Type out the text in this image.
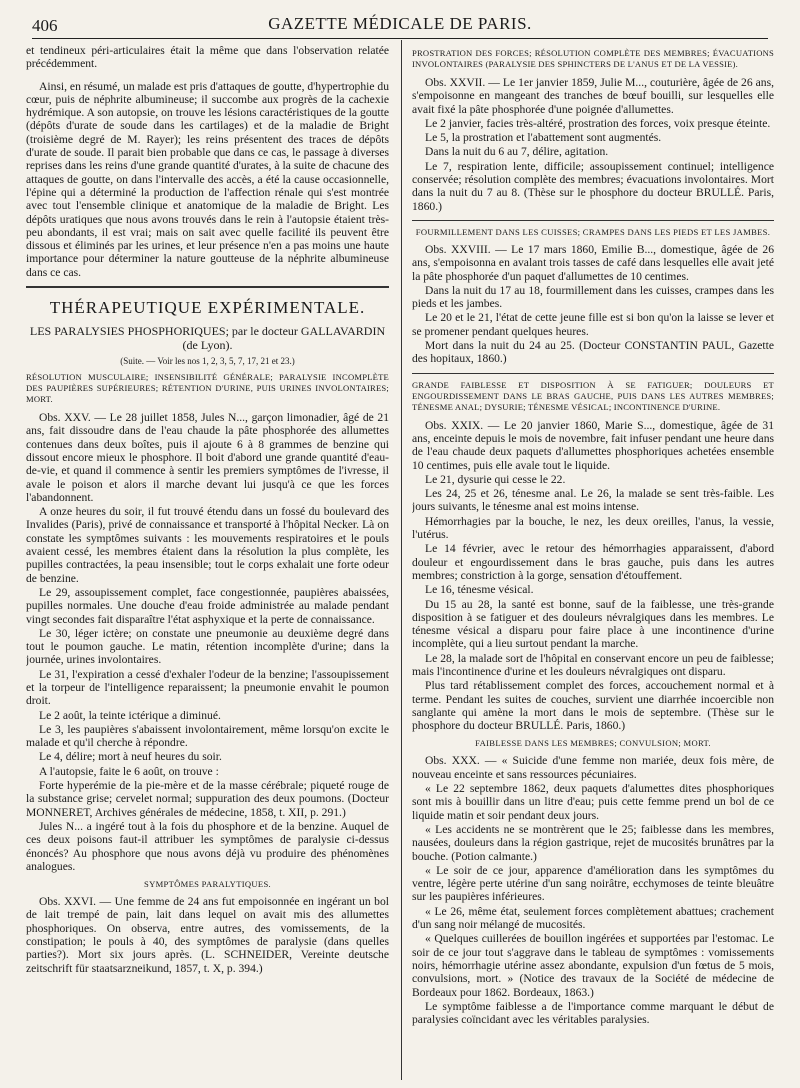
406	GAZETTE MÉDICALE DE PARIS.

et tendineux péri-articulaires était la même que dans l'observation relatée précédemment.

Ainsi, en résumé, un malade est pris d'attaques de goutte, d'hypertrophie du cœur, puis de néphrite albumineuse; il succombe aux progrès de la cachexie hydrémique. A son autopsie, on trouve les lésions caractéristiques de la goutte (dépôts d'urate de soude dans les cartilages) et de la maladie de Bright (troisième degré de M. Rayer); les reins présentent des traces de dépôts d'urate de soude. Il parait bien probable que dans ce cas, le passage à diverses reprises dans les reins d'une grande quantité d'urates, à la suite de chacune des attaques de goutte, on dans l'intervalle des accès, a été la cause occasionnelle, l'épine qui a déterminé la production de l'affection rénale qui s'est montrée avec tout l'ensemble clinique et anatomique de la maladie de Bright. Les dépôts uratiques que nous avons trouvés dans le rein à l'autopsie étaient très-peu abondants, il est vrai; mais on sait avec quelle facilité ils peuvent être dissous et éliminés par les urines, et leur présence n'en a pas moins une haute importance pour déterminer la nature goutteuse de la néphrite albumineuse dans ce cas.

THÉRAPEUTIQUE EXPÉRIMENTALE.
LES PARALYSIES PHOSPHORIQUES; par le docteur GALLAVARDIN (de Lyon).
(Suite. — Voir les nos 1, 2, 3, 5, 7, 17, 21 et 23.)
RÉSOLUTION MUSCULAIRE; INSENSIBILITÉ GÉNÉRALE; PARALYSIE INCOMPLÈTE DES PAUPIÈRES SUPÉRIEURES; RÉTENTION D'URINE, PUIS URINES INVOLONTAIRES; MORT.

Obs. XXV. — Le 28 juillet 1858, Jules N..., garçon limonadier, âgé de 21 ans, fait dissoudre dans de l'eau chaude la pâte phosphorée des allumettes contenues dans deux boîtes, puis il ajoute 6 à 8 grammes de benzine qui dissout encore mieux le phosphore. Il boit d'abord une grande quantité d'eau-de-vie, et quand il commence à sentir les premiers symptômes de l'ivresse, il avale le poison et alors il marche devant lui jusqu'à ce que les forces l'abandonnent.

A onze heures du soir, il fut trouvé étendu dans un fossé du boulevard des Invalides (Paris), privé de connaissance et transporté à l'hôpital Necker. Là on constate les symptômes suivants : les mouvements respiratoires et le pouls avaient cessé, les membres étaient dans la résolution la plus complète, les pupilles contractées, la peau insensible; tout le corps exhalait une forte odeur de benzine.

Le 29, assoupissement complet, face congestionnée, paupières abaissées, pupilles normales. Une douche d'eau froide administrée au malade pendant vingt secondes fait disparaître l'état asphyxique et la perte de connaissance.

Le 30, léger ictère; on constate une pneumonie au deuxième degré dans tout le poumon gauche. Le matin, rétention incomplète d'urine; dans la journée, urines involontaires.

Le 31, l'expiration a cessé d'exhaler l'odeur de la benzine; l'assoupissement et la torpeur de l'intelligence reparaissent; la pneumonie envahit le poumon droit.

Le 2 août, la teinte ictérique a diminué.

Le 3, les paupières s'abaissent involontairement, même lorsqu'on excite le malade et qu'il cherche à répondre.

Le 4, délire; mort à neuf heures du soir.

A l'autopsie, faite le 6 août, on trouve :

Forte hyperémie de la pie-mère et de la masse cérébrale; piqueté rouge de la substance grise; cervelet normal; suppuration des deux poumons. (Docteur MONNERET, Archives générales de médecine, 1858, t. XII, p. 291.)

Jules N... a ingéré tout à la fois du phosphore et de la benzine. Auquel de ces deux poisons faut-il attribuer les symptômes de paralysie ci-dessus énoncés? Au phosphore que nous avons déjà vu produire des phénomènes analogues.

SYMPTÔMES PARALYTIQUES.

Obs. XXVI. — Une femme de 24 ans fut empoisonnée en ingérant un bol de lait trempé de pain, lait dans lequel on avait mis des allumettes phosphoriques. On observa, entre autres, des vomissements, de la constipation; le pouls à 40, des symptômes de paralysie (dans quelles parties?). Mort six jours après. (L. SCHNEIDER, Vereinte deutsche zeitschrift für staatsarzneikund, 1857, t. X, p. 394.)

PROSTRATION DES FORCES; RÉSOLUTION COMPLÈTE DES MEMBRES; ÉVACUATIONS INVOLONTAIRES (PARALYSIE DES SPHINCTERS DE L'ANUS ET DE LA VESSIE).

Obs. XXVII. — Le 1er janvier 1859, Julie M..., couturière, âgée de 26 ans, s'empoisonne en mangeant des tranches de bœuf bouilli, sur lesquelles elle avait fixé la pâte phosphorée d'une poignée d'allumettes.

Le 2 janvier, facies très-altéré, prostration des forces, voix presque éteinte.

Le 5, la prostration et l'abattement sont augmentés.

Dans la nuit du 6 au 7, délire, agitation.

Le 7, respiration lente, difficile; assoupissement continuel; intelligence conservée; résolution complète des membres; évacuations involontaires. Mort dans la nuit du 7 au 8. (Thèse sur le phosphore du docteur BRULLÉ. Paris, 1860.)

FOURMILLEMENT DANS LES CUISSES; CRAMPES DANS LES PIEDS ET LES JAMBES.

Obs. XXVIII. — Le 17 mars 1860, Emilie B..., domestique, âgée de 26 ans, s'empoisonna en avalant trois tasses de café dans lesquelles elle avait jeté la pâte phosphorée d'un paquet d'allumettes de 10 centimes.

Dans la nuit du 17 au 18, fourmillement dans les cuisses, crampes dans les pieds et les jambes.

Le 20 et le 21, l'état de cette jeune fille est si bon qu'on la laisse se lever et se promener pendant quelques heures.

Mort dans la nuit du 24 au 25. (Docteur CONSTANTIN PAUL, Gazette des hopitaux, 1860.)

GRANDE FAIBLESSE ET DISPOSITION À SE FATIGUER; DOULEURS ET ENGOURDISSEMENT DANS LE BRAS GAUCHE, PUIS DANS LES AUTRES MEMBRES; TÉNESME ANAL; DYSURIE; TÉNESME VÉSICAL; INCONTINENCE D'URINE.

Obs. XXIX. — Le 20 janvier 1860, Marie S..., domestique, âgée de 31 ans, enceinte depuis le mois de novembre, fait infuser pendant une heure dans de l'eau chaude deux paquets d'allumettes phosphoriques achetées ensemble 10 centimes, puis elle avale tout le liquide.

Le 21, dysurie qui cesse le 22.

Les 24, 25 et 26, ténesme anal. Le 26, la malade se sent très-faible. Les jours suivants, le ténesme anal est moins intense.

Hémorrhagies par la bouche, le nez, les deux oreilles, l'anus, la vessie, l'utérus.

Le 14 février, avec le retour des hémorrhagies apparaissent, d'abord douleur et engourdissement dans le bras gauche, puis dans les autres membres; constriction à la gorge, sensation d'étouffement.

Le 16, ténesme vésical.

Du 15 au 28, la santé est bonne, sauf de la faiblesse, une très-grande disposition à se fatiguer et des douleurs névralgiques dans les membres. Le ténesme vésical a disparu pour faire place à une incontinence d'urine incomplète, qui a lieu surtout pendant la marche.

Le 28, la malade sort de l'hôpital en conservant encore un peu de faiblesse; mais l'incontinence d'urine et les douleurs névralgiques ont disparu.

Plus tard rétablissement complet des forces, accouchement normal et à terme. Pendant les suites de couches, survient une diarrhée incoercible non sanglante qui amène la mort dans le mois de septembre. (Thèse sur le phosphore du docteur BRULLÉ. Paris, 1860.)

FAIBLESSE DANS LES MEMBRES; CONVULSION; MORT.

Obs. XXX. — « Suicide d'une femme non mariée, deux fois mère, de nouveau enceinte et sans ressources pécuniaires.

« Le 22 septembre 1862, deux paquets d'alumettes dites phosphoriques sont mis à bouillir dans un litre d'eau; puis cette femme prend un bol de ce liquide matin et soir pendant deux jours.

« Les accidents ne se montrèrent que le 25; faiblesse dans les membres, nausées, douleurs dans la région gastrique, rejet de mucosités brunâtres par la bouche. (Potion calmante.)

« Le soir de ce jour, apparence d'amélioration dans les symptômes du ventre, légère perte utérine d'un sang noirâtre, ecchymoses de teinte bleuâtre sur les paupières inférieures.

« Le 26, même état, seulement forces complètement abattues; crachement d'un sang noir mélangé de mucosités.

« Quelques cuillerées de bouillon ingérées et supportées par l'estomac. Le soir de ce jour tout s'aggrave dans le tableau de symptômes : vomissements noirs, hémorrhagie utérine assez abondante, expulsion d'un fœtus de 5 mois, convulsions, mort. » (Notice des travaux de la Société de médecine de Bordeaux pour 1862. Bordeaux, 1863.)

Le symptôme faiblesse a de l'importance comme marquant le début de paralysies coïncidant avec les véritables paralysies.
